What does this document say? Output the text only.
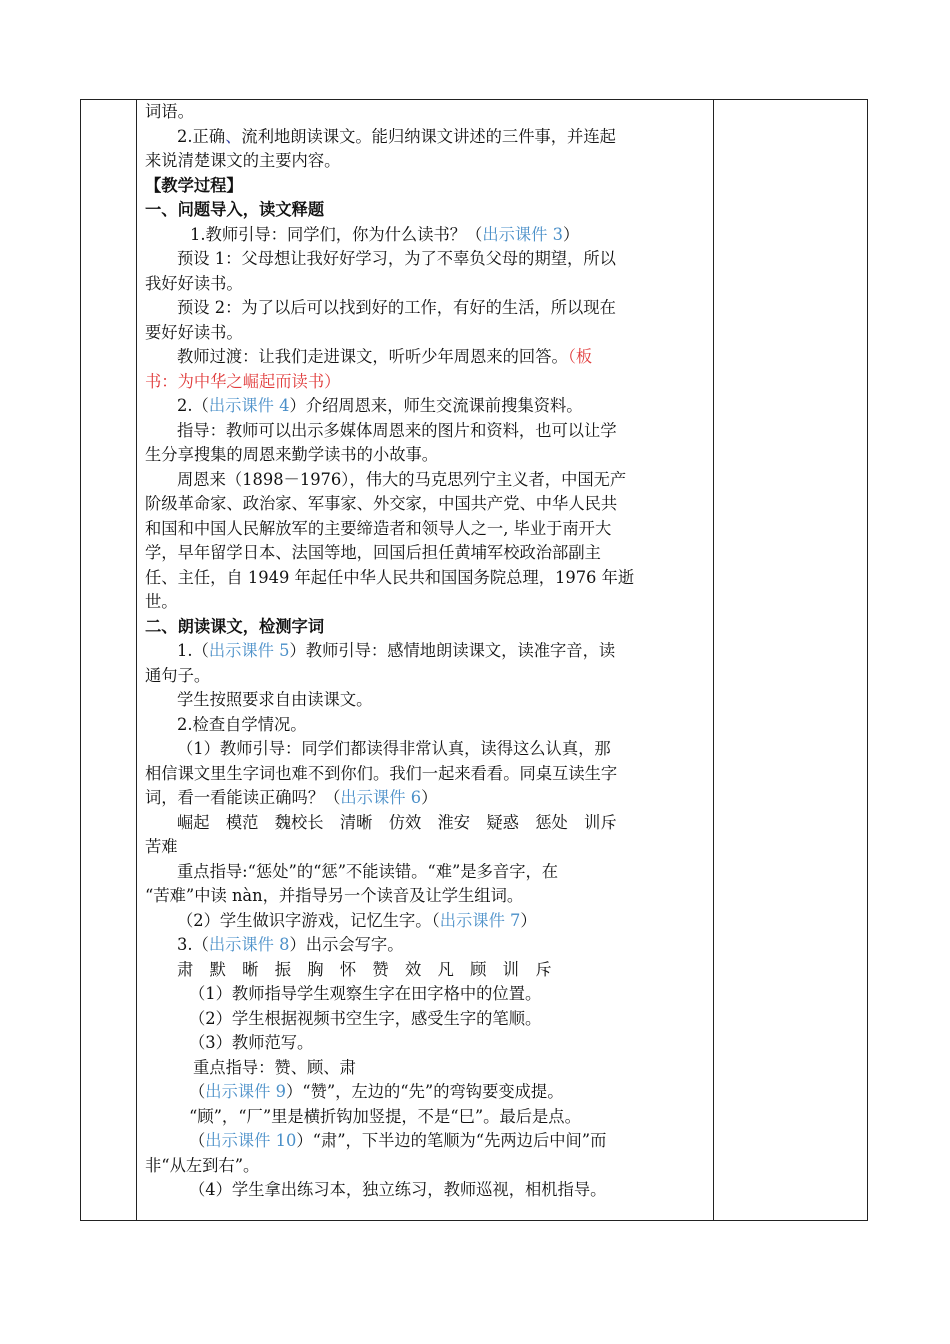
词语。
2.正确、流利地朗读课文。能归纳课文讲述的三件事，并连起
来说清楚课文的主要内容。
【教学过程】
一、问题导入，读文释题
1.教师引导：同学们，你为什么读书？（出示课件 3）
预设 1：父母想让我好好学习，为了不辜负父母的期望，所以
我好好读书。
预设 2：为了以后可以找到好的工作，有好的生活，所以现在
要好好读书。
教师过渡：让我们走进课文，听听少年周恩来的回答。（板
书：为中华之崛起而读书）
2.（出示课件 4）介绍周恩来，师生交流课前搜集资料。
指导：教师可以出示多媒体周恩来的图片和资料，也可以让学
生分享搜集的周恩来勤学读书的小故事。
周恩来（1898－1976），伟大的马克思列宁主义者，中国无产
阶级革命家、政治家、军事家、外交家，中国共产党、中华人民共
和国和中国人民解放军的主要缔造者和领导人之一, 毕业于南开大
学，早年留学日本、法国等地，回国后担任黄埔军校政治部副主
任、主任，自 1949 年起任中华人民共和国国务院总理，1976 年逝
世。
二、朗读课文，检测字词
1.（出示课件 5）教师引导：感情地朗读课文，读准字音，读
通句子。
学生按照要求自由读课文。
2.检查自学情况。
（1）教师引导：同学们都读得非常认真，读得这么认真，那
相信课文里生字词也难不到你们。我们一起来看看。同桌互读生字
词，看一看能读正确吗？（出示课件 6）
崛起　模范　魏校长　清晰　仿效　淮安　疑惑　惩处　训斥
苦难
重点指导:“惩处”的“惩”不能读错。“难”是多音字，在
“苦难”中读 nàn，并指导另一个读音及让学生组词。
（2）学生做识字游戏，记忆生字。（出示课件 7）
3.（出示课件 8）出示会写字。
肃　默　晰　振　胸　怀　赞　效　凡　顾　训　斥
（1）教师指导学生观察生字在田字格中的位置。
（2）学生根据视频书空生字，感受生字的笔顺。
（3）教师范写。
重点指导：赞、顾、肃
（出示课件 9）“赞”，左边的“先”的弯钩要变成提。
“顾”，“厂”里是横折钩加竖提，不是“巳”。最后是点。
（出示课件 10）“肃”，下半边的笔顺为“先两边后中间”而
非“从左到右”。
（4）学生拿出练习本，独立练习，教师巡视，相机指导。
